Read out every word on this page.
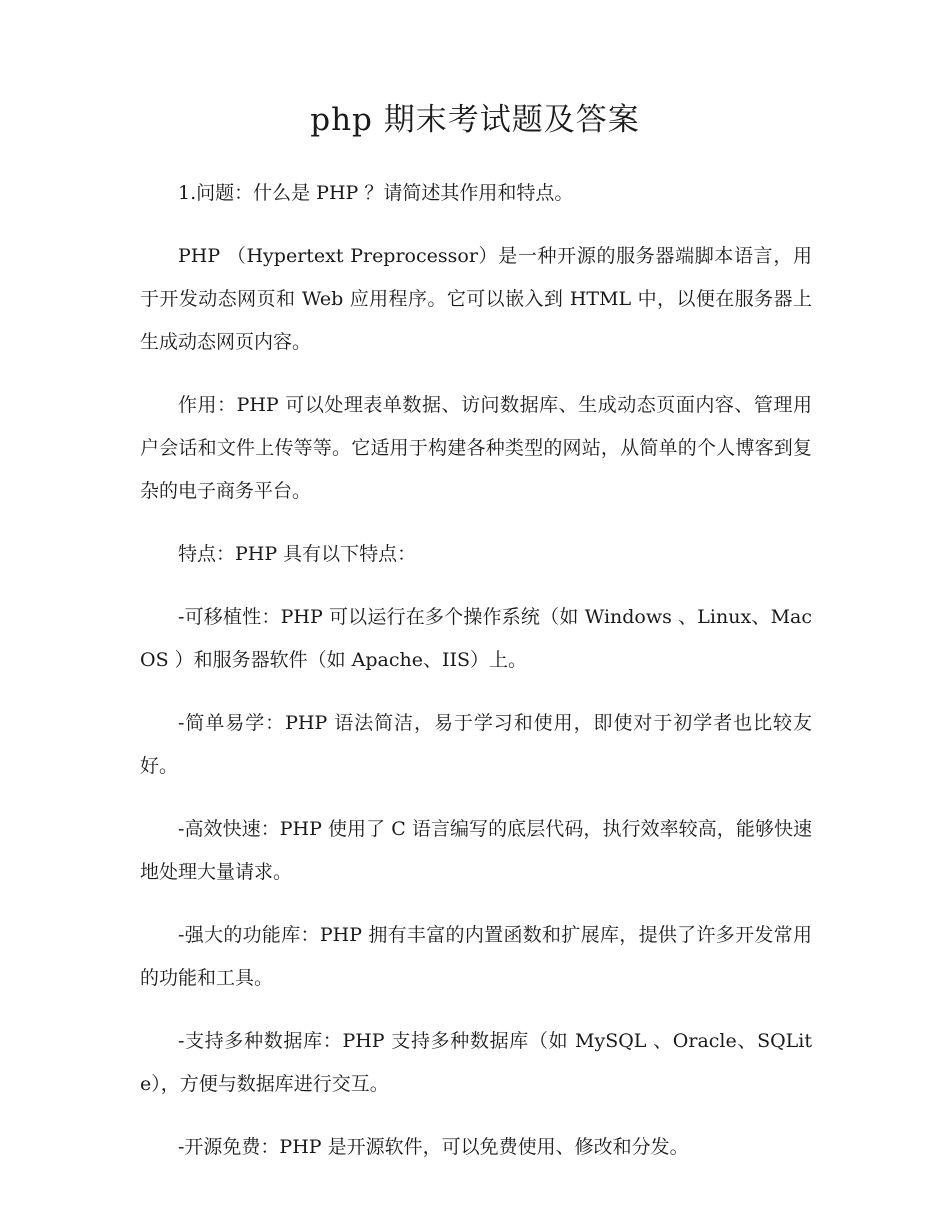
php 期末考试题及答案

1.问题：什么是 PHP ？请简述其作用和特点。

PHP （Hypertext Preprocessor）是一种开源的服务器端脚本语言，用于开发动态网页和 Web 应用程序。它可以嵌入到 HTML 中，以便在服务器上生成动态网页内容。

作用：PHP 可以处理表单数据、访问数据库、生成动态页面内容、管理用户会话和文件上传等等。它适用于构建各种类型的网站，从简单的个人博客到复杂的电子商务平台。

特点：PHP 具有以下特点：

-可移植性：PHP 可以运行在多个操作系统（如 Windows 、Linux、Mac OS ）和服务器软件（如 Apache、IIS）上。

-简单易学：PHP 语法简洁，易于学习和使用，即使对于初学者也比较友好。

-高效快速：PHP 使用了 C 语言编写的底层代码，执行效率较高，能够快速地处理大量请求。

-强大的功能库：PHP 拥有丰富的内置函数和扩展库，提供了许多开发常用的功能和工具。

-支持多种数据库：PHP 支持多种数据库（如 MySQL 、Oracle、SQLite），方便与数据库进行交互。

-开源免费：PHP 是开源软件，可以免费使用、修改和分发。
